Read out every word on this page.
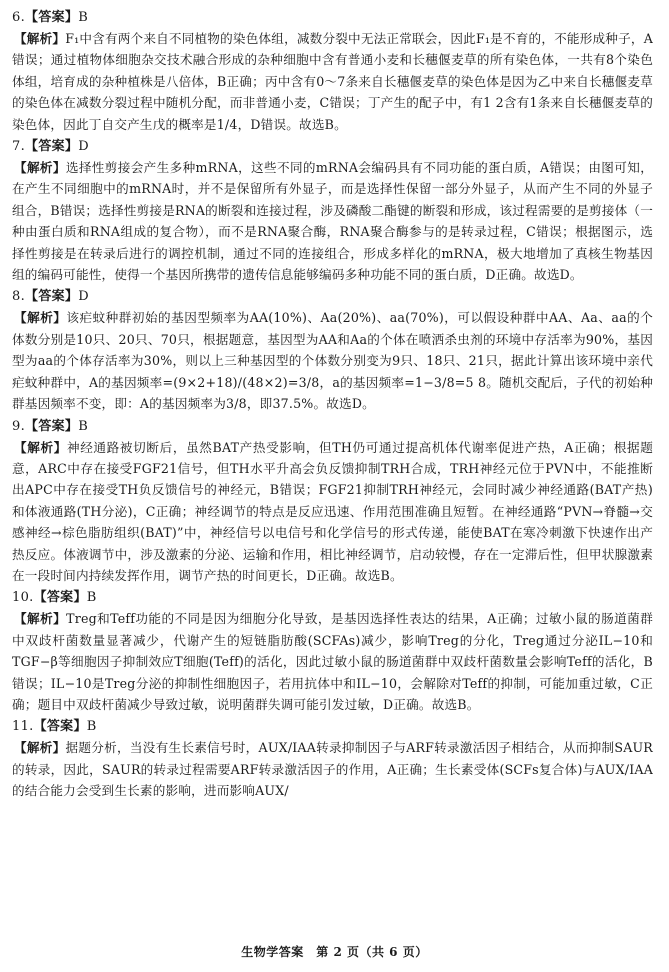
6.【答案】B

【解析】F₁中含有两个来自不同植物的染色体组，减数分裂中无法正常联会，因此F₁是不育的，不能形成种子，A错误；通过植物体细胞杂交技术融合形成的杂种细胞中含有普通小麦和长穗偃麦草的所有染色体，一共有8个染色体组，培育成的杂种植株是八倍体，B正确；丙中含有0～7条来自长穗偃麦草的染色体是因为乙中来自长穗偃麦草的染色体在减数分裂过程中随机分配，而非普通小麦，C错误；丁产生的配子中，有1 2含有1条来自长穗偃麦草的染色体，因此丁自交产生戊的概率是1/4，D错误。故选B。

7.【答案】D

【解析】选择性剪接会产生多种mRNA，这些不同的mRNA会编码具有不同功能的蛋白质，A错误；由图可知，在产生不同细胞中的mRNA时，并不是保留所有外显子，而是选择性保留一部分外显子，从而产生不同的外显子组合，B错误；选择性剪接是RNA的断裂和连接过程，涉及磷酸二酯键的断裂和形成，该过程需要的是剪接体（一种由蛋白质和RNA组成的复合物），而不是RNA聚合酶，RNA聚合酶参与的是转录过程，C错误；根据图示，选择性剪接是在转录后进行的调控机制，通过不同的连接组合，形成多样化的mRNA，极大地增加了真核生物基因组的编码可能性，使得一个基因所携带的遗传信息能够编码多种功能不同的蛋白质，D正确。故选D。

8.【答案】D

【解析】该疟蚊种群初始的基因型频率为AA(10%)、Aa(20%)、aa(70%)，可以假设种群中AA、Aa、aa的个体数分别是10只、20只、70只，根据题意，基因型为AA和Aa的个体在喷洒杀虫剂的环境中存活率为90%，基因型为aa的个体存活率为30%，则以上三种基因型的个体数分别变为9只、18只、21只，据此计算出该环境中亲代疟蚊种群中，A的基因频率=(9×2+18)/(48×2)=3/8，a的基因频率=1−3/8=5 8。随机交配后，子代的初始种群基因频率不变，即：A的基因频率为3/8，即37.5%。故选D。

9.【答案】B

【解析】神经通路被切断后，虽然BAT产热受影响，但TH仍可通过提高机体代谢率促进产热，A正确；根据题意，ARC中存在接受FGF21信号，但TH水平升高会负反馈抑制TRH合成，TRH神经元位于PVN中，不能推断出APC中存在接受TH负反馈信号的神经元，B错误；FGF21抑制TRH神经元，会同时减少神经通路(BAT产热)和体液通路(TH分泌)，C正确；神经调节的特点是反应迅速、作用范围准确且短暂。在神经通路“PVN→脊髓→交感神经→棕色脂肪组织(BAT)”中，神经信号以电信号和化学信号的形式传递，能使BAT在寒冷刺激下快速作出产热反应。体液调节中，涉及激素的分泌、运输和作用，相比神经调节，启动较慢，存在一定滞后性，但甲状腺激素在一段时间内持续发挥作用，调节产热的时间更长，D正确。故选B。

10.【答案】B

【解析】Treg和Teff功能的不同是因为细胞分化导致，是基因选择性表达的结果，A正确；过敏小鼠的肠道菌群中双歧杆菌数量显著减少，代谢产生的短链脂肪酸(SCFAs)减少，影响Treg的分化，Treg通过分泌IL−10和TGF−β等细胞因子抑制效应T细胞(Teff)的活化，因此过敏小鼠的肠道菌群中双歧杆菌数量会影响Teff的活化，B错误；IL−10是Treg分泌的抑制性细胞因子，若用抗体中和IL−10，会解除对Teff的抑制，可能加重过敏，C正确；题目中双歧杆菌减少导致过敏，说明菌群失调可能引发过敏，D正确。故选B。

11.【答案】B

【解析】据题分析，当没有生长素信号时，AUX/IAA转录抑制因子与ARF转录激活因子相结合，从而抑制SAUR的转录，因此，SAUR的转录过程需要ARF转录激活因子的作用，A正确；生长素受体(SCFs复合体)与AUX/IAA的结合能力会受到生长素的影响，进而影响AUX/

生物学答案　第 2 页（共 6 页）
